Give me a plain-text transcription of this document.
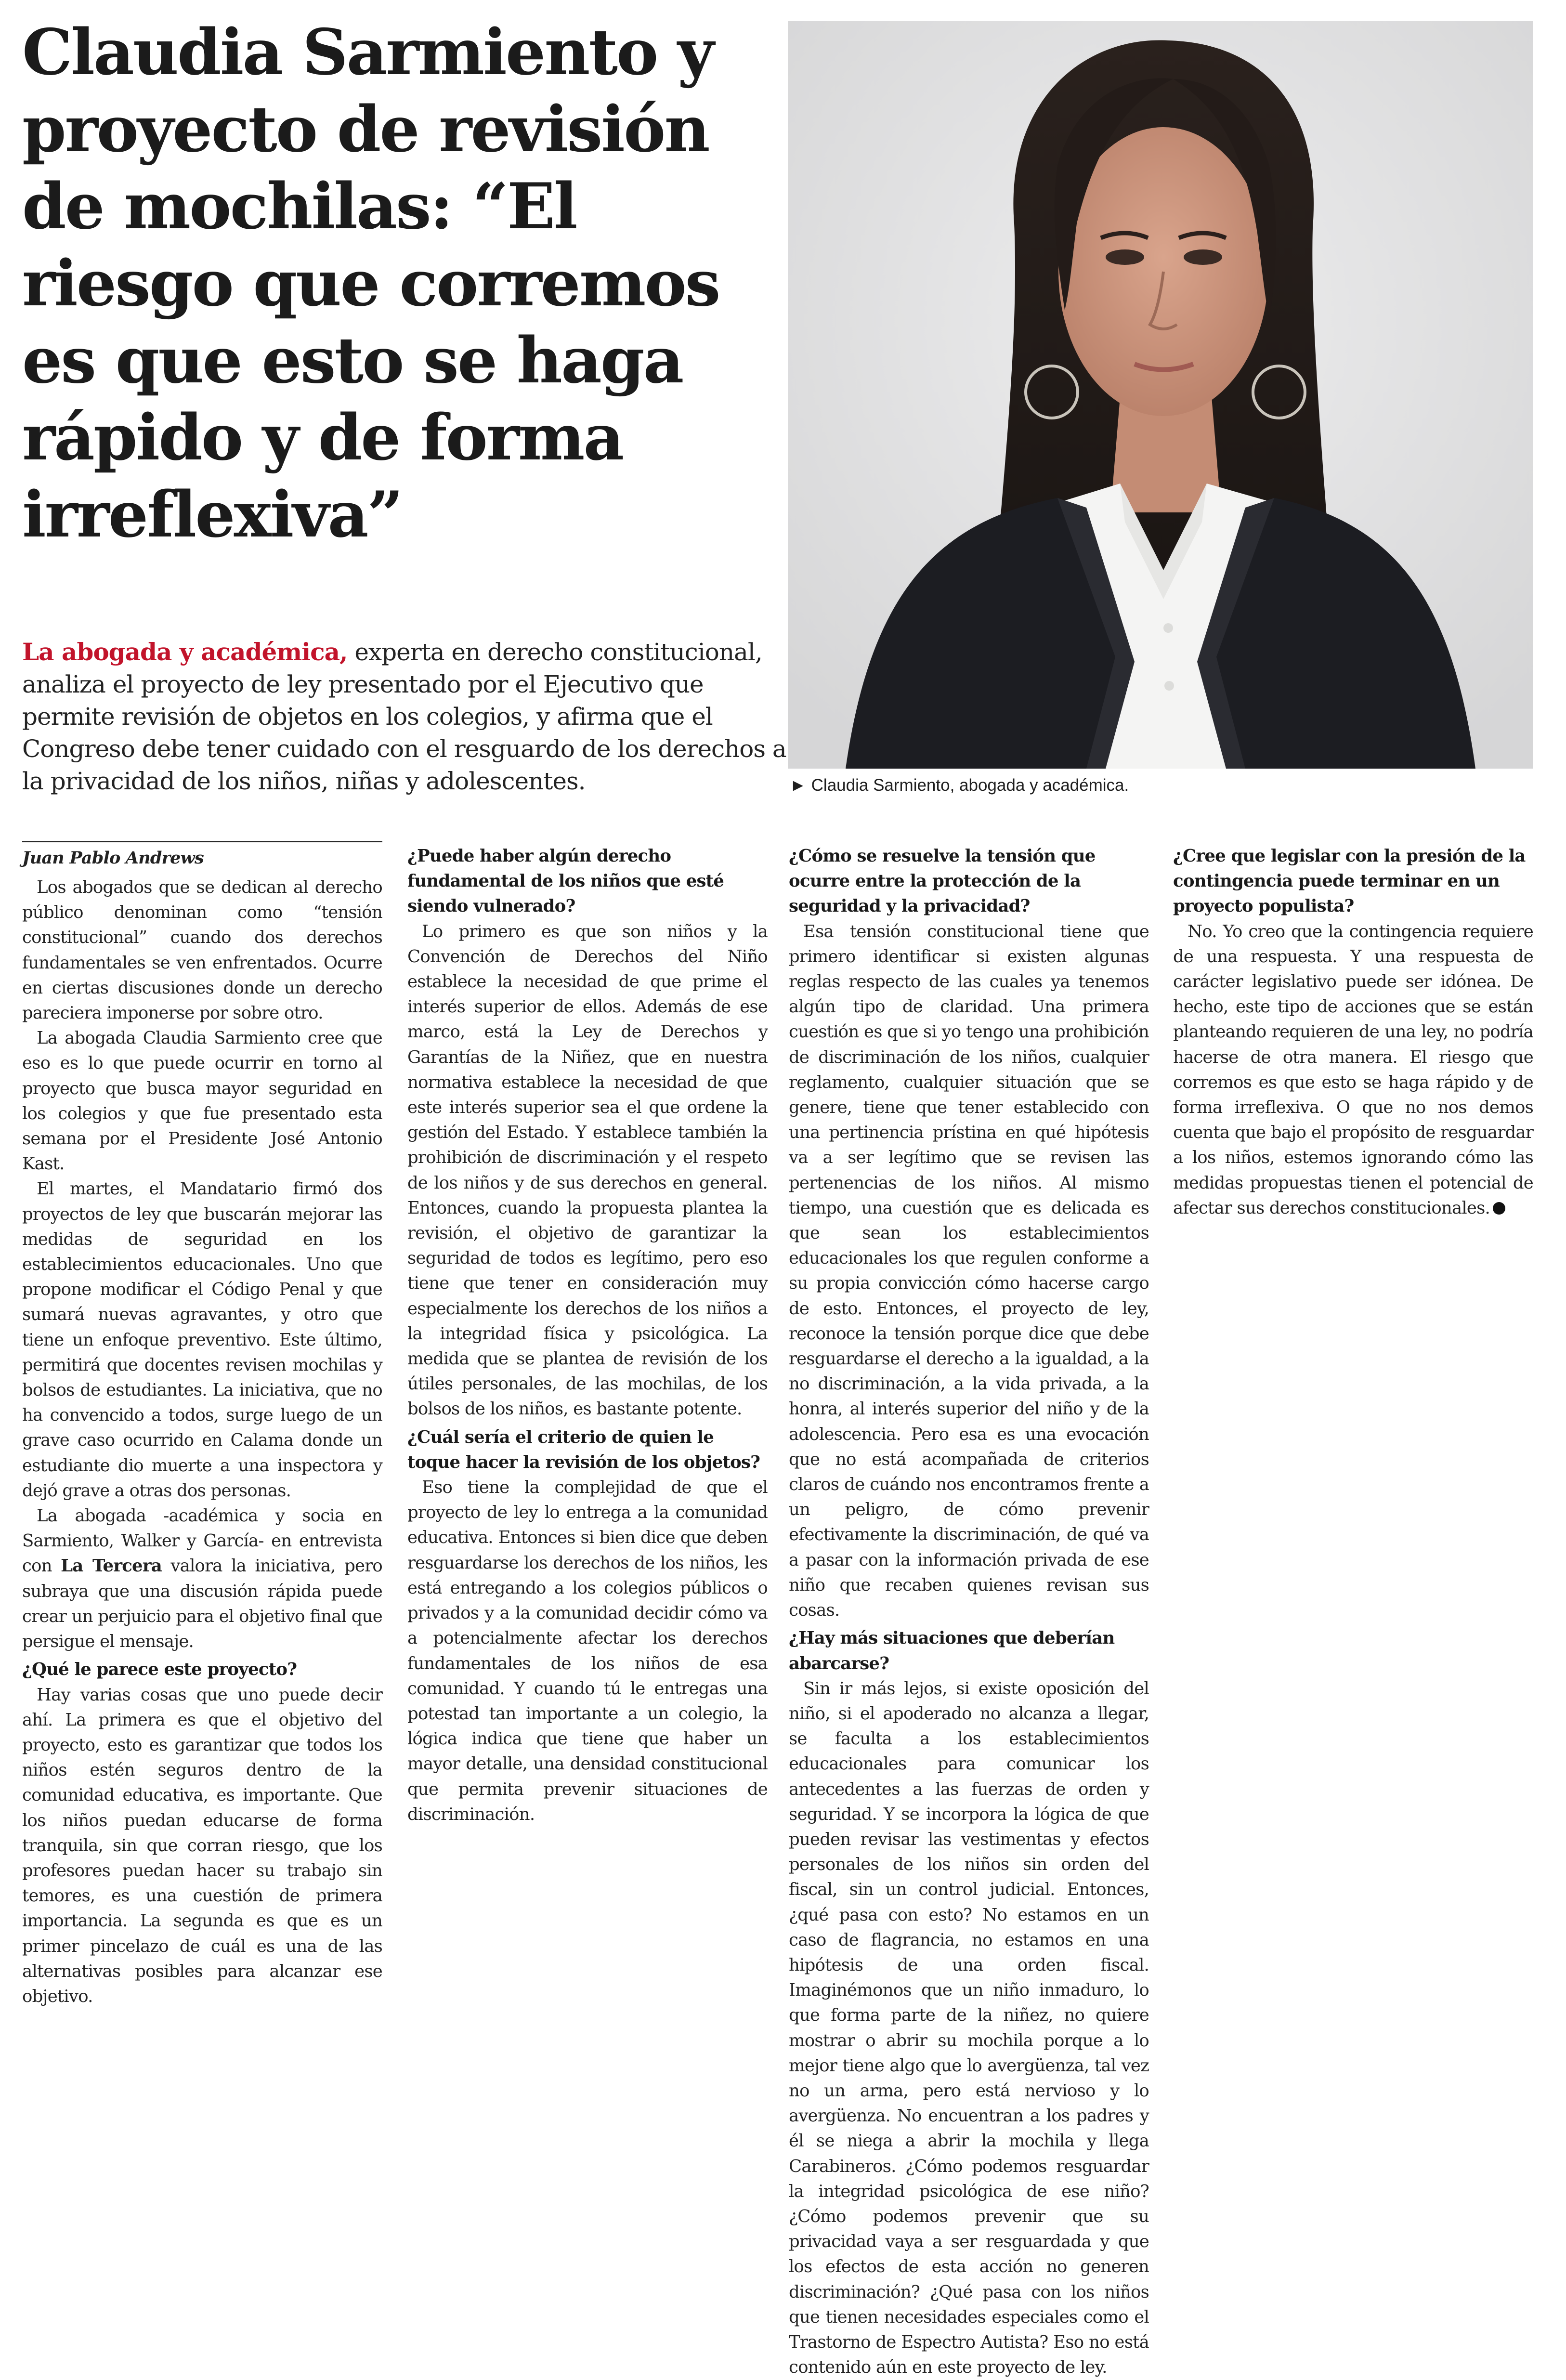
Claudia Sarmiento y proyecto de revisión de mochilas: “El riesgo que corremos es que esto se haga rápido y de forma irreflexiva”

La abogada y académica, experta en derecho constitucional, analiza el proyecto de ley presentado por el Ejecutivo que permite revisión de objetos en los colegios, y afirma que el Congreso debe tener cuidado con el resguardo de los derechos a la privacidad de los niños, niñas y adolescentes.	► Claudia Sarmiento, abogada y académica.
Juan Pablo Andrews

Los abogados que se dedican al derecho público denominan como “tensión constitucional” cuando dos derechos fundamentales se ven enfrentados. Ocurre en ciertas discusiones donde un derecho pareciera imponerse por sobre otro.

La abogada Claudia Sarmiento cree que eso es lo que puede ocurrir en torno al proyecto que busca mayor seguridad en los colegios y que fue presentado esta semana por el Presidente José Antonio Kast.

El martes, el Mandatario firmó dos proyectos de ley que buscarán mejorar las medidas de seguridad en los establecimientos educacionales. Uno que propone modificar el Código Penal y que sumará nuevas agravantes, y otro que tiene un enfoque preventivo. Este último, permitirá que docentes revisen mochilas y bolsos de estudiantes. La iniciativa, que no ha convencido a todos, surge luego de un grave caso ocurrido en Calama donde un estudiante dio muerte a una inspectora y dejó grave a otras dos personas.

La abogada -académica y socia en Sarmiento, Walker y García- en entrevista con La Tercera valora la iniciativa, pero subraya que una discusión rápida puede crear un perjuicio para el objetivo final que persigue el mensaje.

¿Qué le parece este proyecto?

Hay varias cosas que uno puede decir ahí. La primera es que el objetivo del proyecto, esto es garantizar que todos los niños estén seguros dentro de la comunidad educativa, es importante. Que los niños puedan educarse de forma tranquila, sin que corran riesgo, que los profesores puedan hacer su trabajo sin temores, es una cuestión de primera importancia. La segunda es que es un primer pincelazo de cuál es una de las alternativas posibles para alcanzar ese objetivo.

¿Puede haber algún derecho fundamental de los niños que esté siendo vulnerado?

Lo primero es que son niños y la Convención de Derechos del Niño establece la necesidad de que prime el interés superior de ellos. Además de ese marco, está la Ley de Derechos y Garantías de la Niñez, que en nuestra normativa establece la necesidad de que este interés superior sea el que ordene la gestión del Estado. Y establece también la prohibición de discriminación y el respeto de los niños y de sus derechos en general. Entonces, cuando la propuesta plantea la revisión, el objetivo de garantizar la seguridad de todos es legítimo, pero eso tiene que tener en consideración muy especialmente los derechos de los niños a la integridad física y psicológica. La medida que se plantea de revisión de los útiles personales, de las mochilas, de los bolsos de los niños, es bastante potente.

¿Cuál sería el criterio de quien le toque hacer la revisión de los objetos?

Eso tiene la complejidad de que el proyecto de ley lo entrega a la comunidad educativa. Entonces si bien dice que deben resguardarse los derechos de los niños, les está entregando a los colegios públicos o privados y a la comunidad decidir cómo va a potencialmente afectar los derechos fundamentales de los niños de esa comunidad. Y cuando tú le entregas una potestad tan importante a un colegio, la lógica indica que tiene que haber un mayor detalle, una densidad constitucional que permita prevenir situaciones de discriminación.

¿Cómo se resuelve la tensión que ocurre entre la protección de la seguridad y la privacidad?

Esa tensión constitucional tiene que primero identificar si existen algunas reglas respecto de las cuales ya tenemos algún tipo de claridad. Una primera cuestión es que si yo tengo una prohibición de discriminación de los niños, cualquier reglamento, cualquier situación que se genere, tiene que tener establecido con una pertinencia prístina en qué hipótesis va a ser legítimo que se revisen las pertenencias de los niños. Al mismo tiempo, una cuestión que es delicada es que sean los establecimientos educacionales los que regulen conforme a su propia convicción cómo hacerse cargo de esto. Entonces, el proyecto de ley, reconoce la tensión porque dice que debe resguardarse el derecho a la igualdad, a la no discriminación, a la vida privada, a la honra, al interés superior del niño y de la adolescencia. Pero esa es una evocación que no está acompañada de criterios claros de cuándo nos encontramos frente a un peligro, de cómo prevenir efectivamente la discriminación, de qué va a pasar con la información privada de ese niño que recaben quienes revisan sus cosas.

¿Hay más situaciones que deberían abarcarse?

Sin ir más lejos, si existe oposición del niño, si el apoderado no alcanza a llegar, se faculta a los establecimientos educacionales para comunicar los antecedentes a las fuerzas de orden y seguridad. Y se incorpora la lógica de que pueden revisar las vestimentas y efectos personales de los niños sin orden del fiscal, sin un control judicial. Entonces, ¿qué pasa con esto? No estamos en un caso de flagrancia, no estamos en una hipótesis de una orden fiscal. Imaginémonos que un niño inmaduro, lo que forma parte de la niñez, no quiere mostrar o abrir su mochila porque a lo mejor tiene algo que lo avergüenza, tal vez no un arma, pero está nervioso y lo avergüenza. No encuentran a los padres y él se niega a abrir la mochila y llega Carabineros. ¿Cómo podemos resguardar la integridad psicológica de ese niño? ¿Cómo podemos prevenir que su privacidad vaya a ser resguardada y que los efectos de esta acción no generen discriminación? ¿Qué pasa con los niños que tienen necesidades especiales como el Trastorno de Espectro Autista? Eso no está contenido aún en este proyecto de ley.

¿Cree que legislar con la presión de la contingencia puede terminar en un proyecto populista?

No. Yo creo que la contingencia requiere de una respuesta. Y una respuesta de carácter legislativo puede ser idónea. De hecho, este tipo de acciones que se están planteando requieren de una ley, no podría hacerse de otra manera. El riesgo que corremos es que esto se haga rápido y de forma irreflexiva. O que no nos demos cuenta que bajo el propósito de resguardar a los niños, estemos ignorando cómo las medidas propuestas tienen el potencial de afectar sus derechos constitucionales.
